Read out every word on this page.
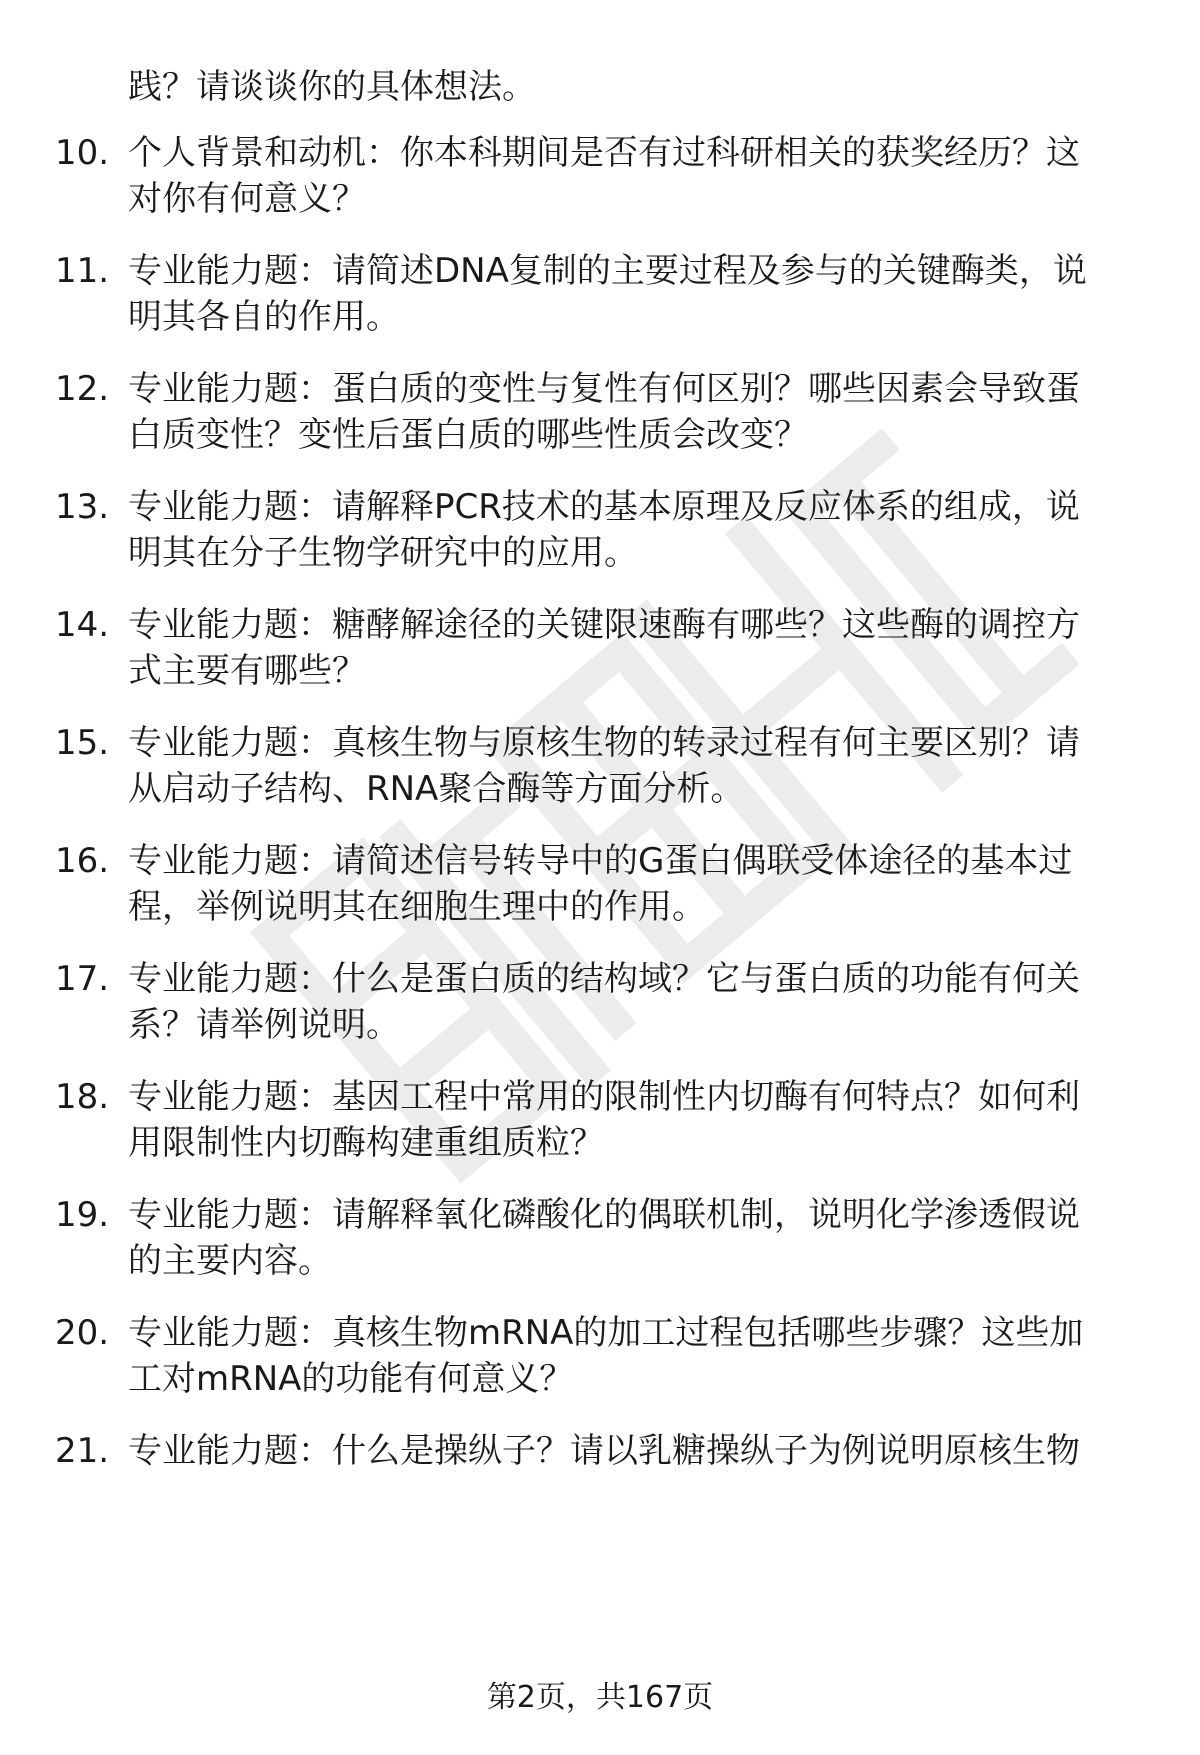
践？请谈谈你的具体想法。
10. 个人背景和动机：你本科期间是否有过科研相关的获奖经历？这
对你有何意义？
11. 专业能力题：请简述DNA复制的主要过程及参与的关键酶类，说
明其各自的作用。
12. 专业能力题：蛋白质的变性与复性有何区别？哪些因素会导致蛋
白质变性？变性后蛋白质的哪些性质会改变？
13. 专业能力题：请解释PCR技术的基本原理及反应体系的组成，说
明其在分子生物学研究中的应用。
14. 专业能力题：糖酵解途径的关键限速酶有哪些？这些酶的调控方
式主要有哪些？
15. 专业能力题：真核生物与原核生物的转录过程有何主要区别？请
从启动子结构、RNA聚合酶等方面分析。
16. 专业能力题：请简述信号转导中的G蛋白偶联受体途径的基本过
程，举例说明其在细胞生理中的作用。
17. 专业能力题：什么是蛋白质的结构域？它与蛋白质的功能有何关
系？请举例说明。
18. 专业能力题：基因工程中常用的限制性内切酶有何特点？如何利
用限制性内切酶构建重组质粒？
19. 专业能力题：请解释氧化磷酸化的偶联机制，说明化学渗透假说
的主要内容。
20. 专业能力题：真核生物mRNA的加工过程包括哪些步骤？这些加
工对mRNA的功能有何意义？
21. 专业能力题：什么是操纵子？请以乳糖操纵子为例说明原核生物
第2页，共167页
